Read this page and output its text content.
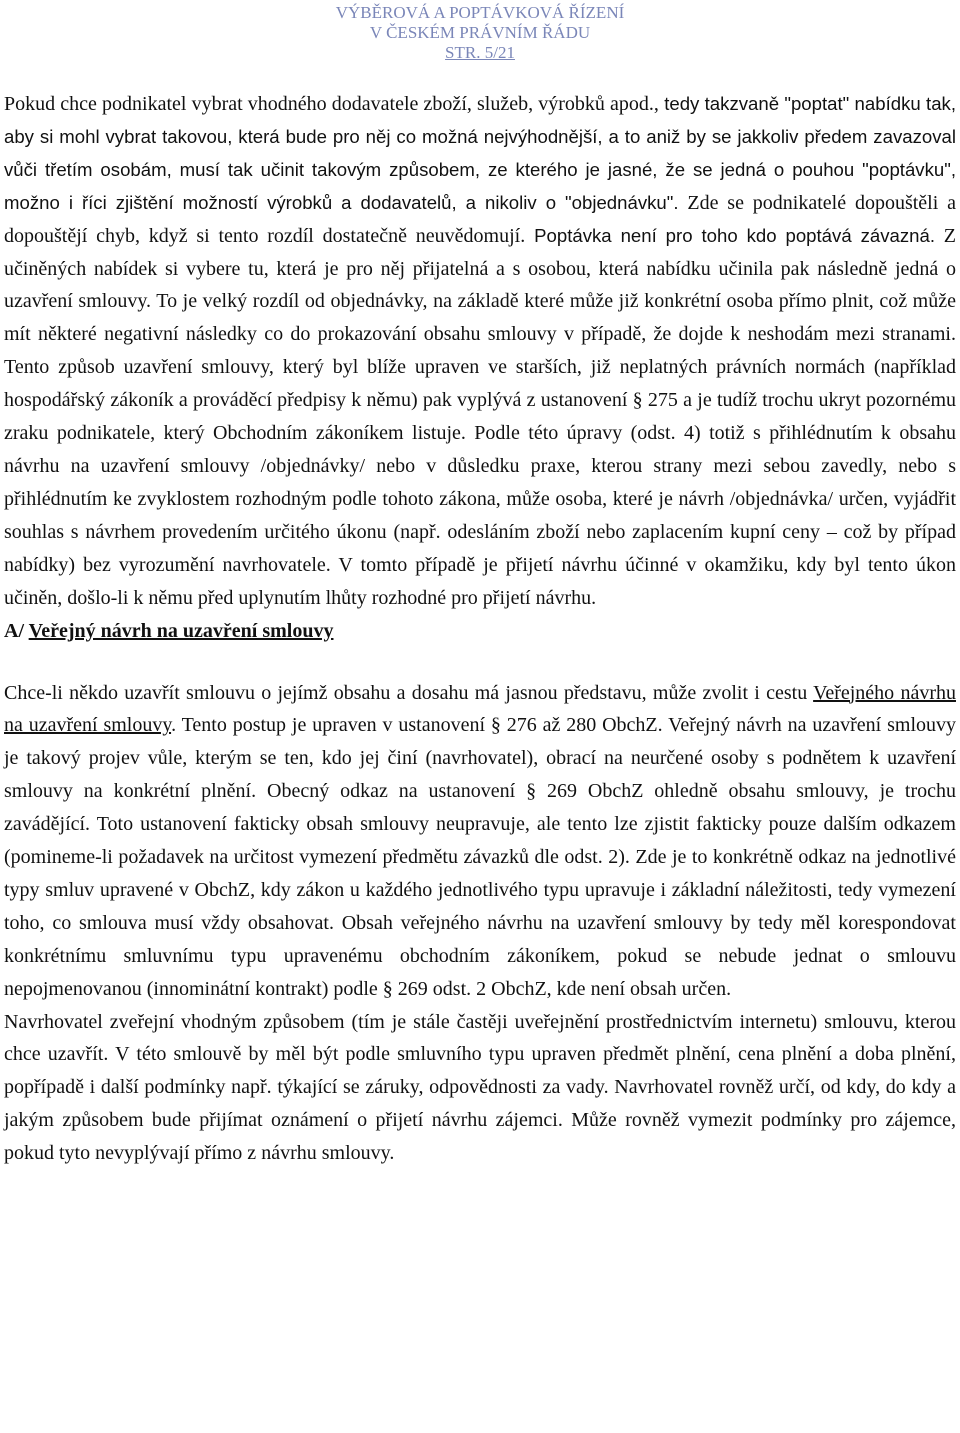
VÝBĚROVÁ A POPTÁVKOVÁ ŘÍZENÍ
V ČESKÉM PRÁVNÍM ŘÁDU
STR. 5/21

Pokud chce podnikatel vybrat vhodného dodavatele zboží, služeb, výrobků apod., tedy takzvaně "poptat" nabídku tak, aby si mohl vybrat takovou, která bude pro něj co možná nejvýhodnější, a to aniž by se jakkoliv předem zavazoval vůči třetím osobám, musí tak učinit takovým způsobem, ze kterého je jasné, že se jedná o pouhou "poptávku", možno i říci zjištění možností výrobků a dodavatelů, a nikoliv o "objednávku". Zde se podnikatelé dopouštěli a dopouštějí chyb, když si tento rozdíl dostatečně neuvědomují. Poptávka není pro toho kdo poptává závazná. Z učiněných nabídek si vybere tu, která je pro něj přijatelná a s osobou, která nabídku učinila pak následně jedná o uzavření smlouvy. To je velký rozdíl od objednávky, na základě které může již konkrétní osoba přímo plnit, což může mít některé negativní následky co do prokazování obsahu smlouvy v případě, že dojde k neshodám mezi stranami. Tento způsob uzavření smlouvy, který byl blíže upraven ve starších, již neplatných právních normách (například hospodářský zákoník a prováděcí předpisy k němu) pak vyplývá z ustanovení § 275 a je tudíž trochu ukryt pozornému zraku podnikatele, který Obchodním zákoníkem listuje. Podle této úpravy (odst. 4) totiž s přihlédnutím k obsahu návrhu na uzavření smlouvy /objednávky/ nebo v důsledku praxe, kterou strany mezi sebou zavedly, nebo s přihlédnutím ke zvyklostem rozhodným podle tohoto zákona, může osoba, které je návrh /objednávka/ určen, vyjádřit souhlas s návrhem provedením určitého úkonu (např. odesláním zboží nebo zaplacením kupní ceny – což by případ nabídky) bez vyrozumění navrhovatele. V tomto případě je přijetí návrhu účinné v okamžiku, kdy byl tento úkon učiněn, došlo-li k němu před uplynutím lhůty rozhodné pro přijetí návrhu.

A/ Veřejný návrh na uzavření smlouvy

Chce-li někdo uzavřít smlouvu o jejímž obsahu a dosahu má jasnou představu, může zvolit i cestu Veřejného návrhu na uzavření smlouvy. Tento postup je upraven v ustanovení § 276 až 280 ObchZ. Veřejný návrh na uzavření smlouvy je takový projev vůle, kterým se ten, kdo jej činí (navrhovatel), obrací na neurčené osoby s podnětem k uzavření smlouvy na konkrétní plnění. Obecný odkaz na ustanovení § 269 ObchZ ohledně obsahu smlouvy, je trochu zavádějící. Toto ustanovení fakticky obsah smlouvy neupravuje, ale tento lze zjistit fakticky pouze dalším odkazem (pomineme-li požadavek na určitost vymezení předmětu závazků dle odst. 2). Zde je to konkrétně odkaz na jednotlivé typy smluv upravené v ObchZ, kdy zákon u každého jednotlivého typu upravuje i základní náležitosti, tedy vymezení toho, co smlouva musí vždy obsahovat. Obsah veřejného návrhu na uzavření smlouvy by tedy měl korespondovat konkrétnímu smluvnímu typu upravenému obchodním zákoníkem, pokud se nebude jednat o smlouvu nepojmenovanou (innominátní kontrakt) podle § 269 odst. 2 ObchZ, kde není obsah určen.

Navrhovatel zveřejní vhodným způsobem (tím je stále častěji uveřejnění prostřednictvím internetu) smlouvu, kterou chce uzavřít. V této smlouvě by měl být podle smluvního typu upraven předmět plnění, cena plnění a doba plnění, popřípadě i další podmínky např. týkající se záruky, odpovědnosti za vady. Navrhovatel rovněž určí, od kdy, do kdy a jakým způsobem bude přijímat oznámení o přijetí návrhu zájemci. Může rovněž vymezit podmínky pro zájemce, pokud tyto nevyplývají přímo z návrhu smlouvy.
